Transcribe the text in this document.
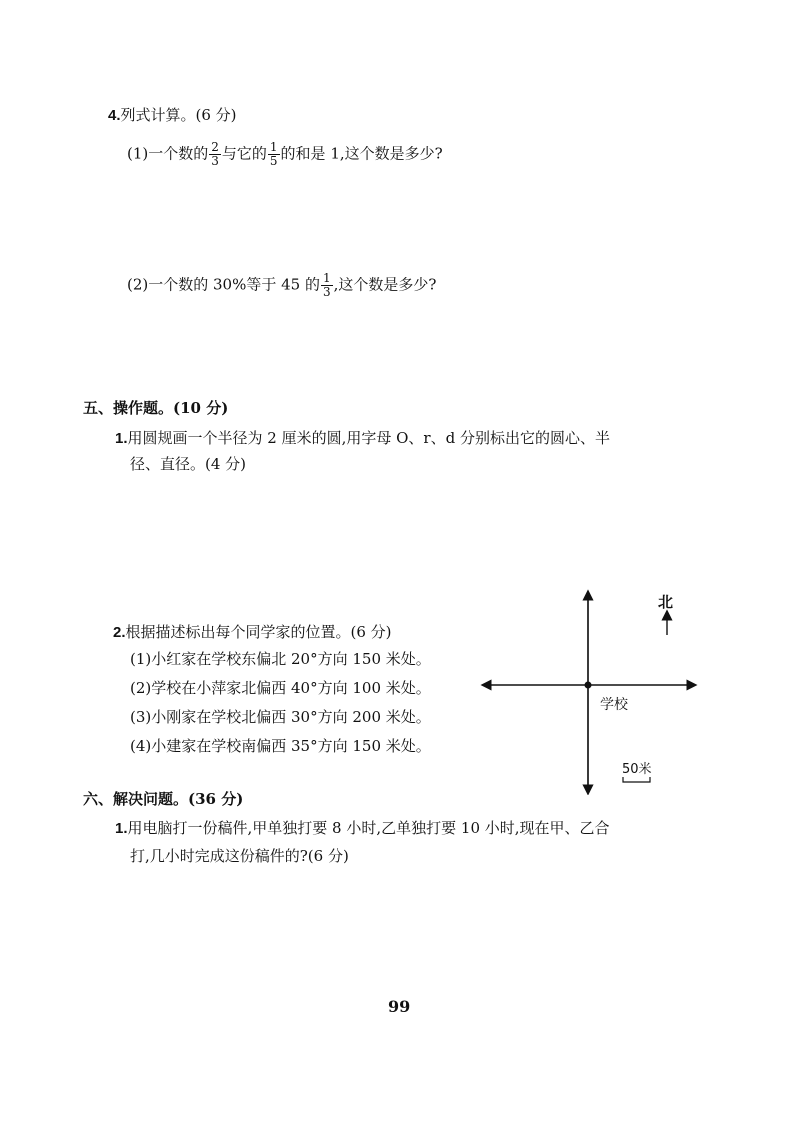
4.列式计算。(6 分)
(1)一个数的 $\frac{2}{3}$ 与它的 $\frac{1}{5}$ 的和是 1,这个数是多少?
(2)一个数的 30%等于 45 的 $\frac{1}{3}$ ,这个数是多少?
五、操作题。(10 分)
1.用圆规画一个半径为 2 厘米的圆,用字母 O、r、d 分别标出它的圆心、半
径、直径。(4 分)
2.根据描述标出每个同学家的位置。(6 分)
(1)小红家在学校东偏北 20°方向 150 米处。
(2)学校在小萍家北偏西 40°方向 100 米处。
(3)小刚家在学校北偏西 30°方向 200 米处。
(4)小建家在学校南偏西 35°方向 150 米处。
学校
北
50米
六、解决问题。(36 分)
1.用电脑打一份稿件,甲单独打要 8 小时,乙单独打要 10 小时,现在甲、乙合
打,几小时完成这份稿件的?(6 分)
99
